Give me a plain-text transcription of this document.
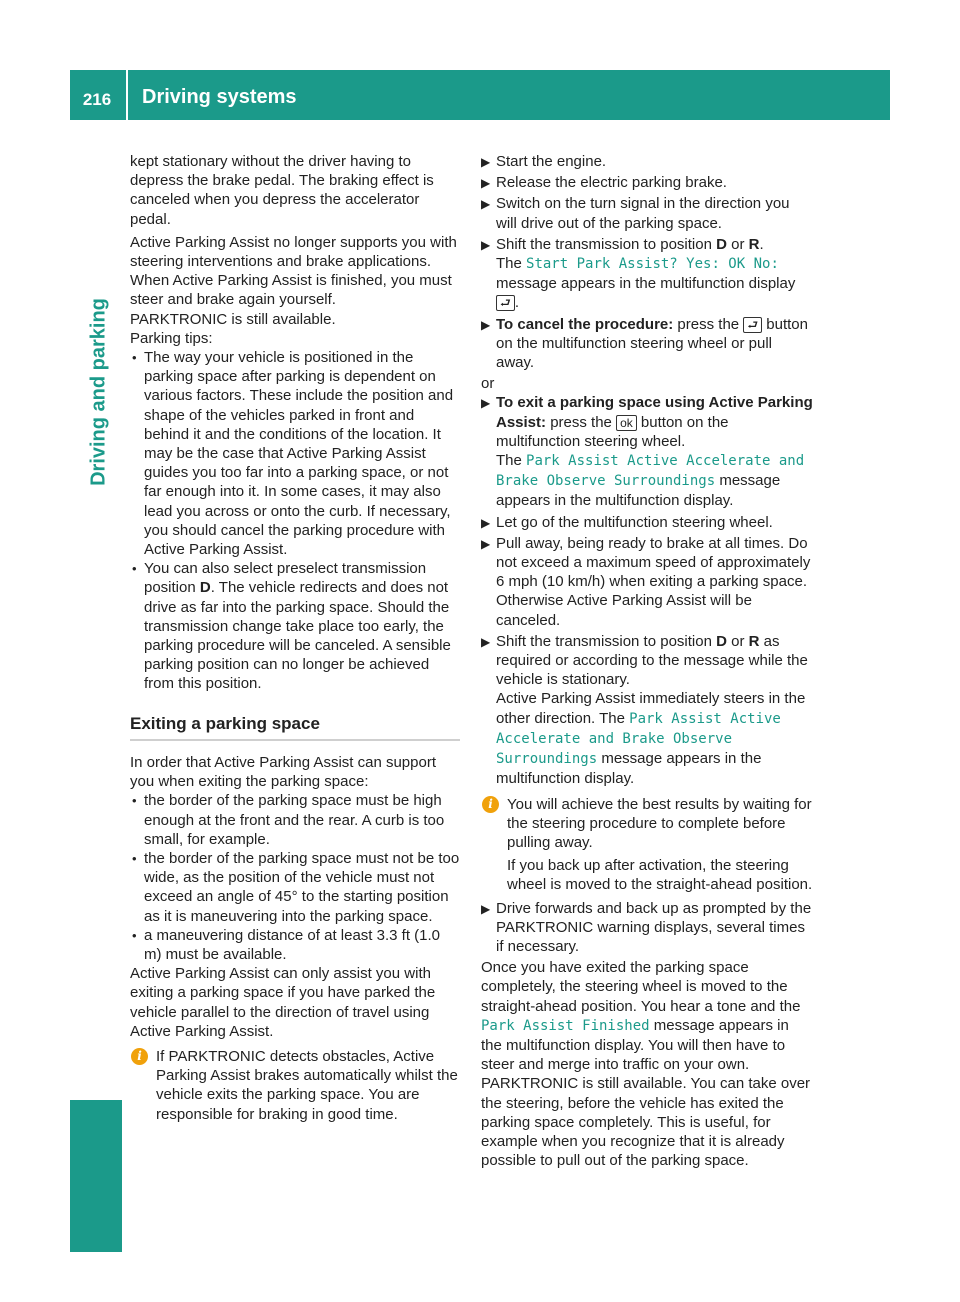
216	Driving systems
Driving and parking

kept stationary without the driver having to depress the brake pedal. The braking effect is canceled when you depress the accelerator pedal.

Active Parking Assist no longer supports you with steering interventions and brake applications. When Active Parking Assist is finished, you must steer and brake again yourself.

PARKTRONIC is still available.

Parking tips:

• The way your vehicle is positioned in the parking space after parking is dependent on various factors. These include the position and shape of the vehicles parked in front and behind it and the conditions of the location. It may be the case that Active Parking Assist guides you too far into a parking space, or not far enough into it. In some cases, it may also lead you across or onto the curb. If necessary, you should cancel the parking procedure with Active Parking Assist.
• You can also select preselect transmission position D. The vehicle redirects and does not drive as far into the parking space. Should the transmission change take place too early, the parking procedure will be canceled. A sensible parking position can no longer be achieved from this position.
Exiting a parking space

In order that Active Parking Assist can support you when exiting the parking space:

• the border of the parking space must be high enough at the front and the rear. A curb is too small, for example.
• the border of the parking space must not be too wide, as the position of the vehicle must not exceed an angle of 45° to the starting position as it is maneuvering into the parking space.
• a maneuvering distance of at least 3.3 ft (1.0 m) must be available.

Active Parking Assist can only assist you with exiting a parking space if you have parked the vehicle parallel to the direction of travel using Active Parking Assist.

i If PARKTRONIC detects obstacles, Active Parking Assist brakes automatically whilst the vehicle exits the parking space. You are responsible for braking in good time.
▶ Start the engine.
▶ Release the electric parking brake.
▶ Switch on the turn signal in the direction you will drive out of the parking space.
▶ Shift the transmission to position D or R.
The Start Park Assist? Yes: OK No: message appears in the multifunction display ⮐ .
▶ To cancel the procedure: press the ⮐ button on the multifunction steering wheel or pull away.

or

▶ To exit a parking space using Active Parking Assist: press the ok button on the multifunction steering wheel.
The Park Assist Active Accelerate and Brake Observe Surroundings message appears in the multifunction display.
▶ Let go of the multifunction steering wheel.
▶ Pull away, being ready to brake at all times. Do not exceed a maximum speed of approximately 6 mph (10 km/h) when exiting a parking space. Otherwise Active Parking Assist will be canceled.
▶ Shift the transmission to position D or R as required or according to the message while the vehicle is stationary.
Active Parking Assist immediately steers in the other direction. The Park Assist Active Accelerate and Brake Observe Surroundings message appears in the multifunction display.
i You will achieve the best results by waiting for the steering procedure to complete before pulling away.

If you back up after activation, the steering wheel is moved to the straight-ahead position.

▶ Drive forwards and back up as prompted by the PARKTRONIC warning displays, several times if necessary.

Once you have exited the parking space completely, the steering wheel is moved to the straight-ahead position. You hear a tone and the Park Assist Finished message appears in the multifunction display. You will then have to steer and merge into traffic on your own.

PARKTRONIC is still available. You can take over the steering, before the vehicle has exited the parking space completely. This is useful, for example when you recognize that it is already possible to pull out of the parking space.
